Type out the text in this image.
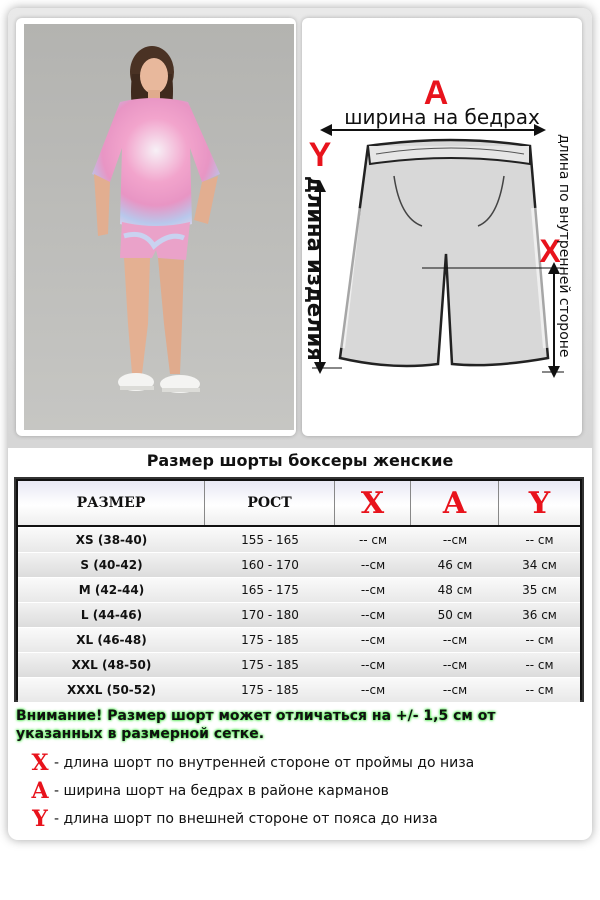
A
ширина на бедрах
Y
длина изделия	X
длина по внутренней стороне
Размер шорты боксеры женские
РАЗМЕР	РОСТ	X	A	Y
XS (38-40)	155 - 165	-- см	--см	-- см
S (40-42)	160 - 170	--см	46 см	34 см
M (42-44)	165 - 175	--см	48 см	35 см
L (44-46)	170 - 180	--см	50 см	36 см
XL (46-48)	175 - 185	--см	--см	-- см
XXL (48-50)	175 - 185	--см	--см	-- см
XXXL (50-52)	175 - 185	--см	--см	-- см
Внимание! Размер шорт может отличаться на +/- 1,5 см от указанных в размерной сетке.
X - длина шорт по внутренней стороне от проймы до низа
A - ширина шорт на бедрах в районе карманов
Y - длина шорт по внешней стороне от пояса до низа
